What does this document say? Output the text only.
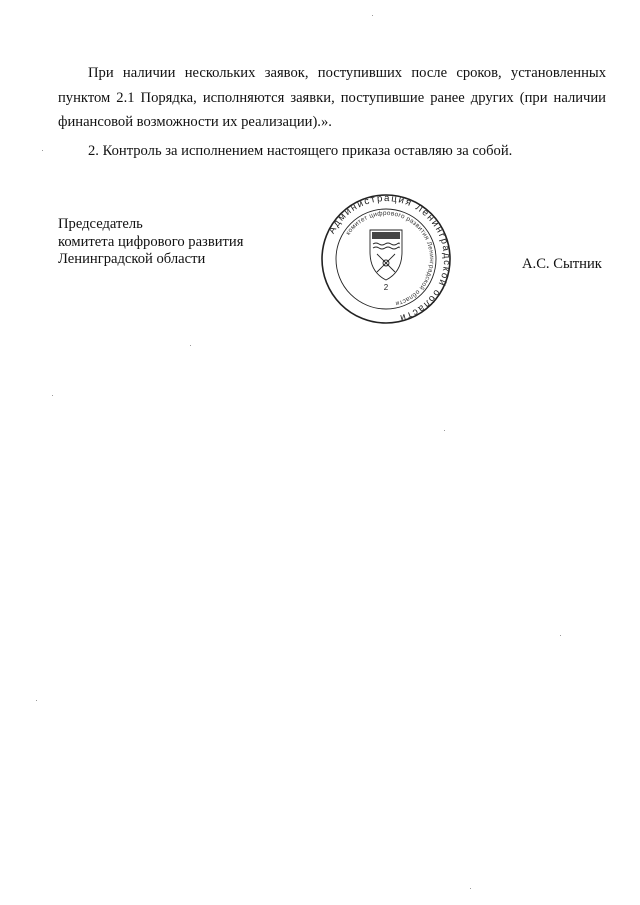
При наличии нескольких заявок, поступивших после сроков, установленных пунктом 2.1 Порядка, исполняются заявки, поступившие ранее других (при наличии финансовой возможности их реализации).».

2. Контроль за исполнением настоящего приказа оставляю за собой.

Председатель
комитета цифрового развития
Ленинградской области	А.С. Сытник
Администрация Ленинградской области
комитет цифрового развития Ленинградской области
2
